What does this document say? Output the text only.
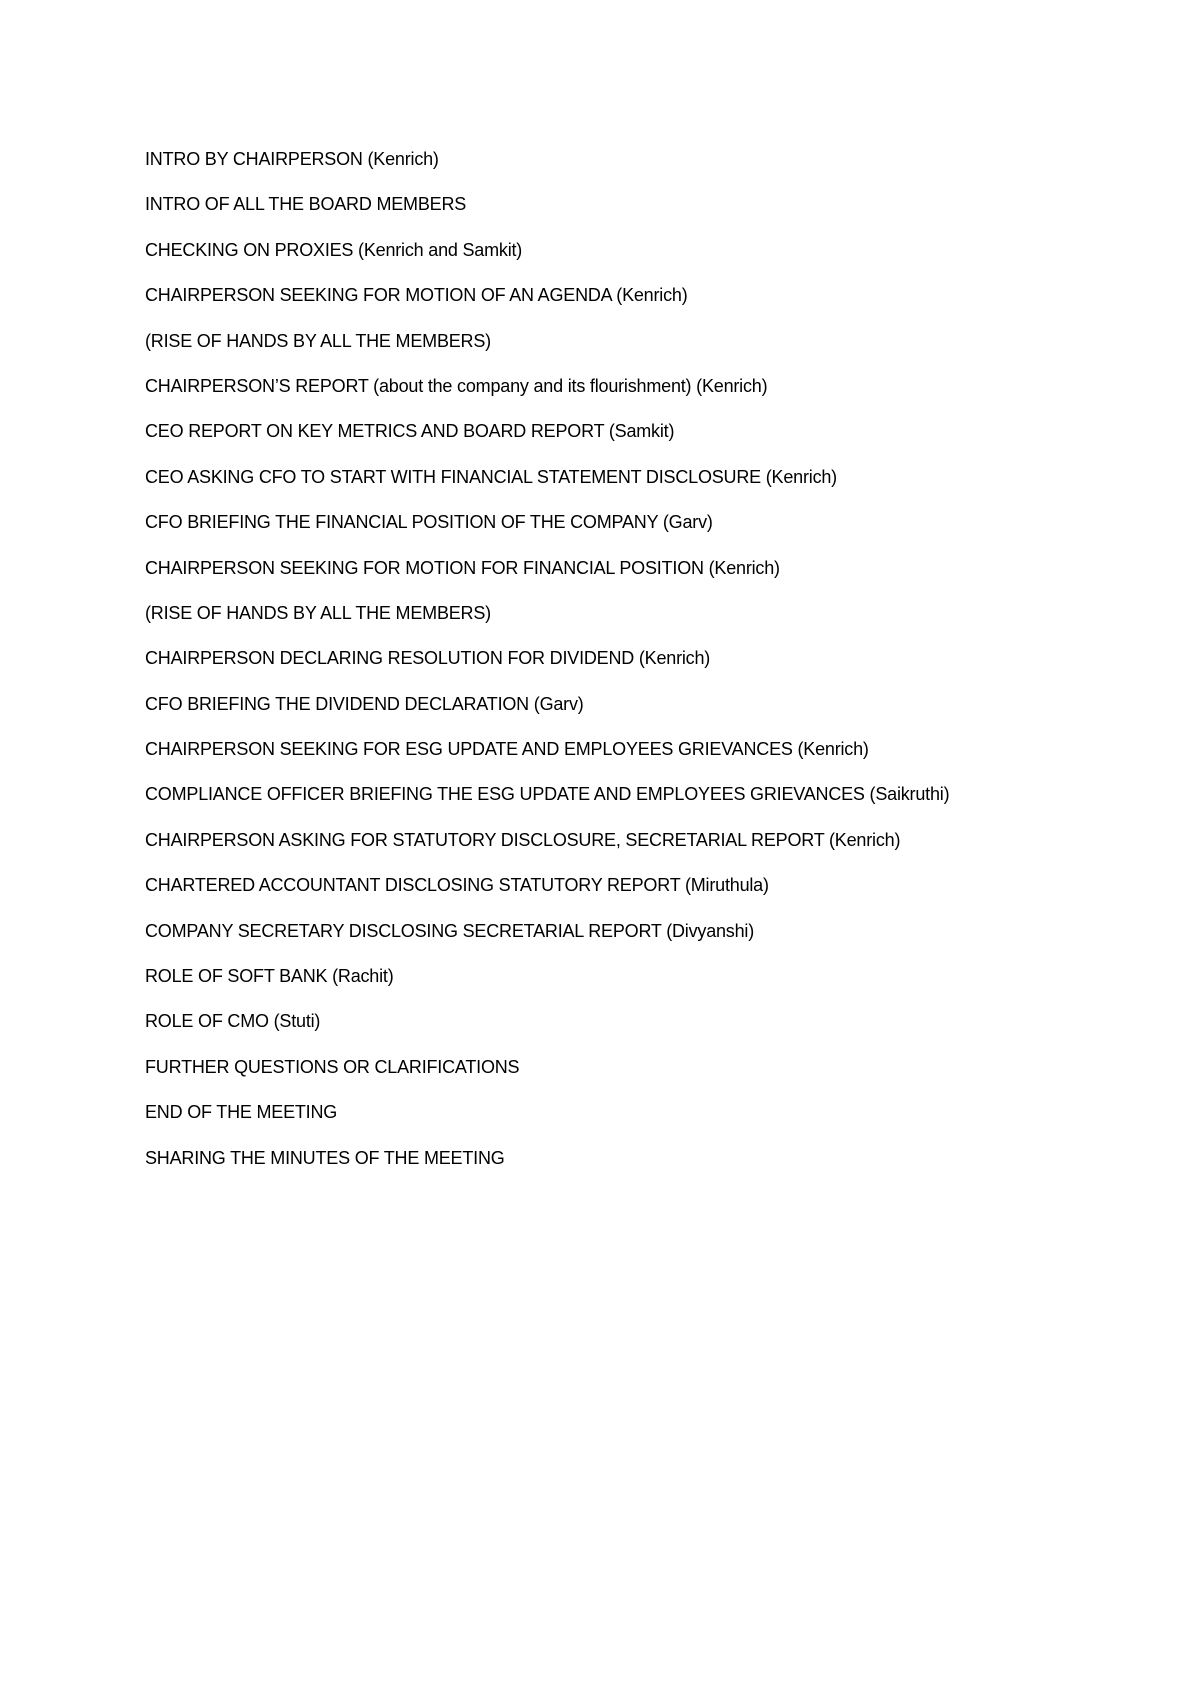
INTRO BY CHAIRPERSON (Kenrich)
INTRO OF ALL THE BOARD MEMBERS
CHECKING ON PROXIES (Kenrich and Samkit)
CHAIRPERSON SEEKING FOR MOTION OF AN AGENDA (Kenrich)
(RISE OF HANDS BY ALL THE MEMBERS)
CHAIRPERSON’S REPORT (about the company and its flourishment) (Kenrich)
CEO REPORT ON KEY METRICS AND BOARD REPORT (Samkit)
CEO ASKING CFO TO START WITH FINANCIAL STATEMENT DISCLOSURE (Kenrich)
CFO BRIEFING THE FINANCIAL POSITION OF THE COMPANY (Garv)
CHAIRPERSON SEEKING FOR MOTION FOR FINANCIAL POSITION (Kenrich)
(RISE OF HANDS BY ALL THE MEMBERS)
CHAIRPERSON DECLARING RESOLUTION FOR DIVIDEND (Kenrich)
CFO BRIEFING THE DIVIDEND DECLARATION (Garv)
CHAIRPERSON SEEKING FOR ESG UPDATE AND EMPLOYEES GRIEVANCES (Kenrich)
COMPLIANCE OFFICER BRIEFING THE ESG UPDATE AND EMPLOYEES GRIEVANCES (Saikruthi)
CHAIRPERSON ASKING FOR STATUTORY DISCLOSURE, SECRETARIAL REPORT (Kenrich)
CHARTERED ACCOUNTANT DISCLOSING STATUTORY REPORT (Miruthula)
COMPANY SECRETARY DISCLOSING SECRETARIAL REPORT (Divyanshi)
ROLE OF SOFT BANK (Rachit)
ROLE OF CMO (Stuti)
FURTHER QUESTIONS OR CLARIFICATIONS
END OF THE MEETING
SHARING THE MINUTES OF THE MEETING
